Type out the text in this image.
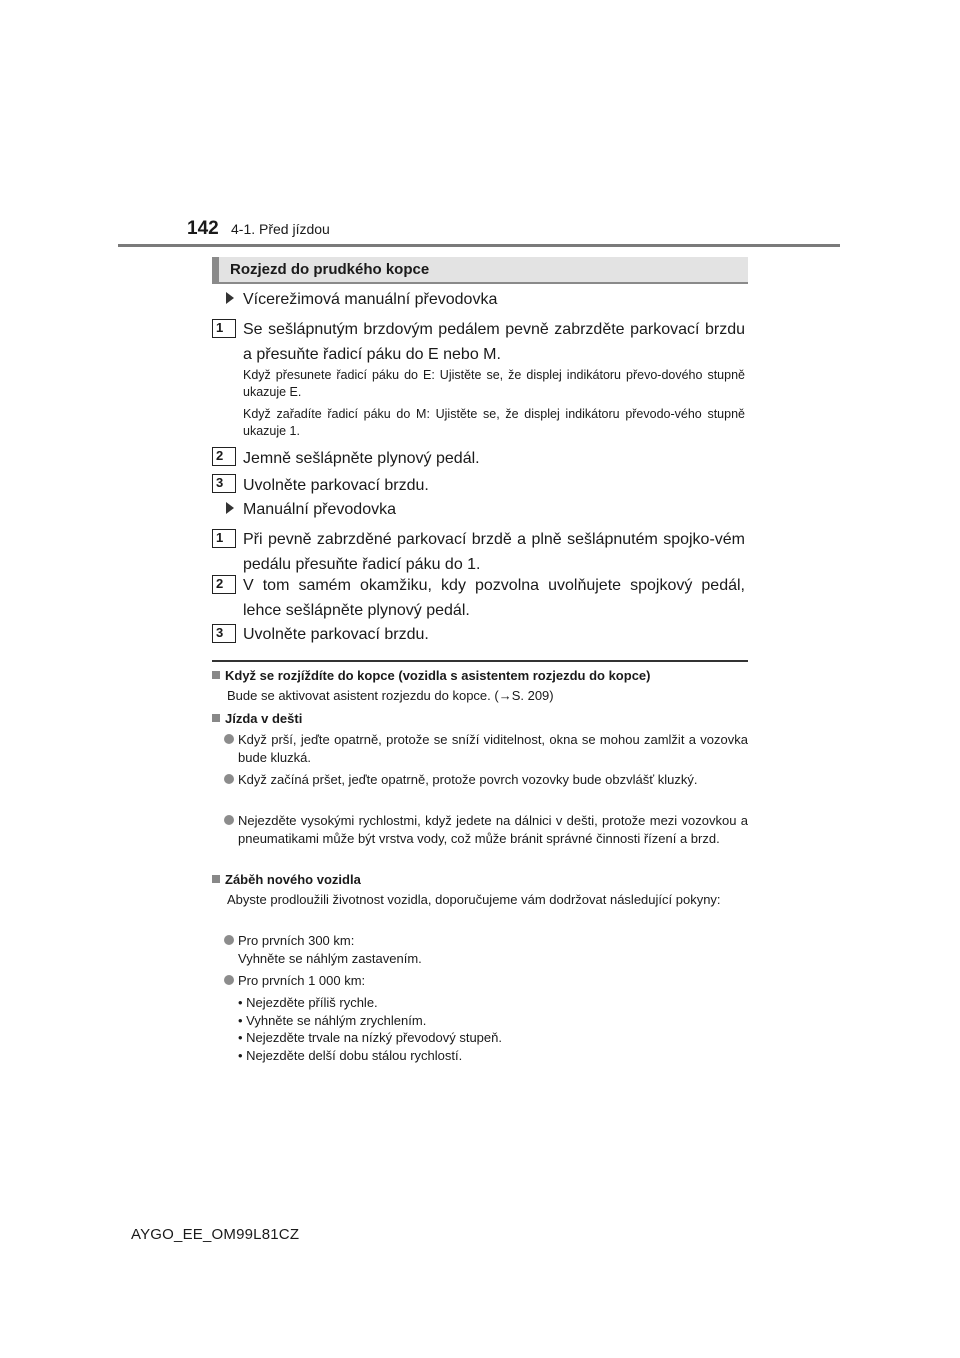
142 4-1. Před jízdou
Rozjezd do prudkého kopce
Vícerežimová manuální převodovka
1	Se sešlápnutým brzdovým pedálem pevně zabrzděte parkovací brzdu a přesuňte řadicí páku do E nebo M.
Když přesunete řadicí páku do E: Ujistěte se, že displej indikátoru převo-dového stupně ukazuje E.
Když zařadíte řadicí páku do M: Ujistěte se, že displej indikátoru převodo-vého stupně ukazuje 1.
2	Jemně sešlápněte plynový pedál.
3	Uvolněte parkovací brzdu.
Manuální převodovka
1	Při pevně zabrzděné parkovací brzdě a plně sešlápnutém spojko-vém pedálu přesuňte řadicí páku do 1.
2	V tom samém okamžiku, kdy pozvolna uvolňujete spojkový pedál, lehce sešlápněte plynový pedál.
3	Uvolněte parkovací brzdu.
Když se rozjíždíte do kopce (vozidla s asistentem rozjezdu do kopce)
Bude se aktivovat asistent rozjezdu do kopce. (→S. 209)
Jízda v dešti
Když prší, jeďte opatrně, protože se sníží viditelnost, okna se mohou zamlžit a vozovka bude kluzká.
Když začíná pršet, jeďte opatrně, protože povrch vozovky bude obzvlášť kluzký.
Nejezděte vysokými rychlostmi, když jedete na dálnici v dešti, protože mezi vozovkou a pneumatikami může být vrstva vody, což může bránit správné činnosti řízení a brzd.
Záběh nového vozidla
Abyste prodloužili životnost vozidla, doporučujeme vám dodržovat následující pokyny:
Pro prvních 300 km:
Vyhněte se náhlým zastavením.
Pro prvních 1 000 km:
• Nejezděte příliš rychle.
• Vyhněte se náhlým zrychlením.
• Nejezděte trvale na nízký převodový stupeň.
• Nejezděte delší dobu stálou rychlostí.
AYGO_EE_OM99L81CZ
